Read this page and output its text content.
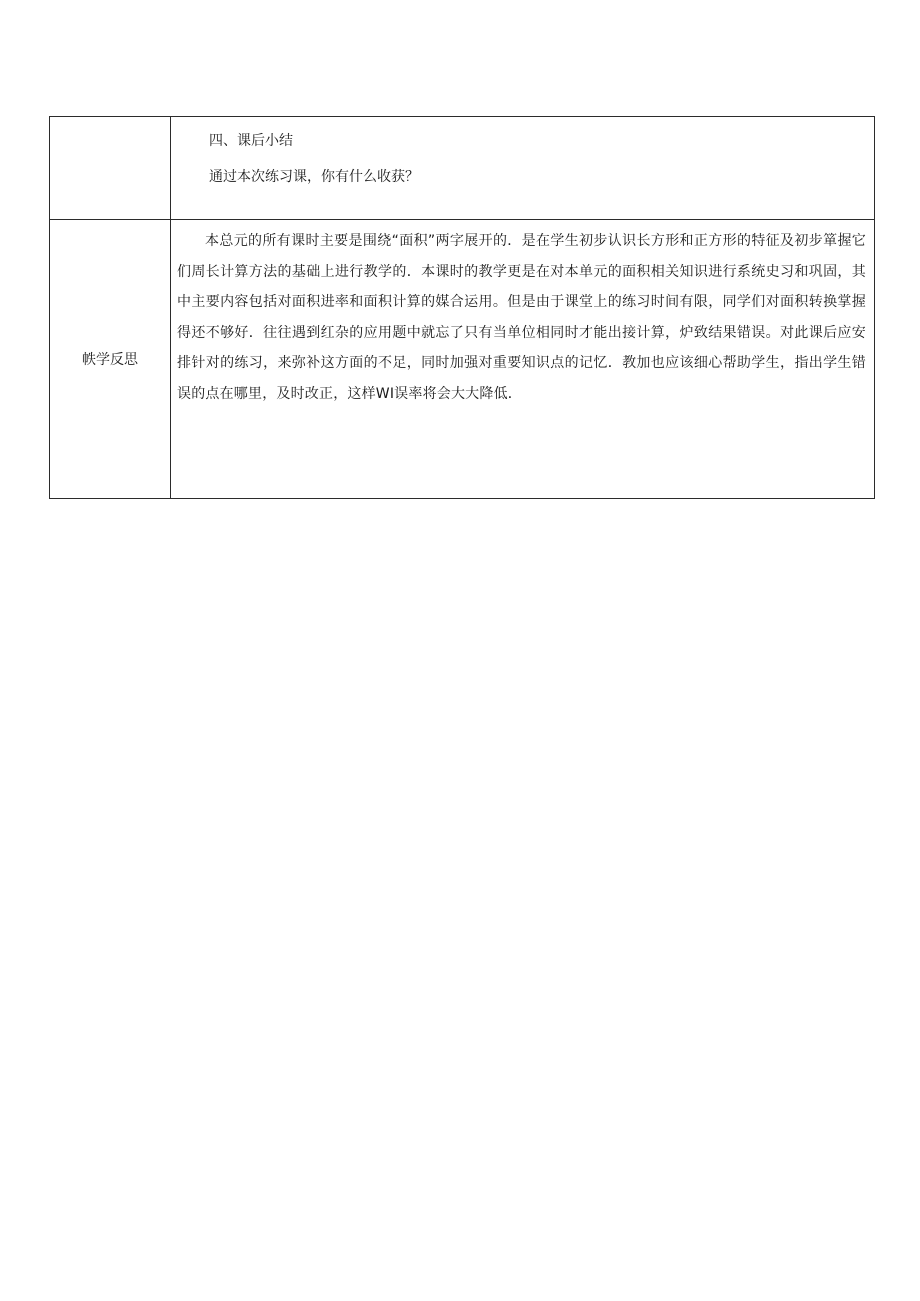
	四、课后小结

通过本次练习课，你有什么收获？

帙学反思	本总元的所有课时主要是围绕“面积”两字展开的．是在学生初步认识长方形和正方形的特征及初步箪握它们周长计算方法的基础上进行教学的．本课时的教学更是在对本单元的面积相关知识进行系统史习和巩固，其中主要内容包括对面积进率和面积计算的媒合运用。但是由于课堂上的练习时间有限，同学们对面积转换掌握得还不够好．往往遇到红杂的应用题中就忘了只有当单位相同时才能出接计算，炉致结果错误。对此课后应安排针对的练习，来弥补这方面的不足，同时加强对重要知识点的记忆．教加也应该细心帮助学生，指出学生错误的点在哪里，及时改正，这样WI误率将会大大降低．
